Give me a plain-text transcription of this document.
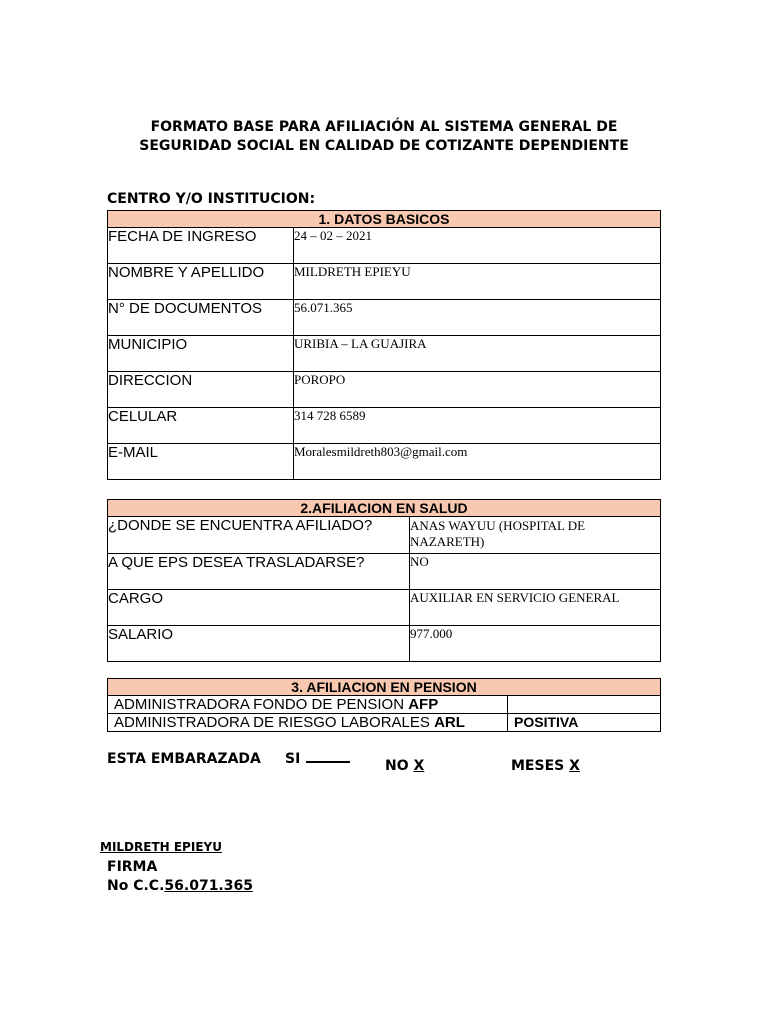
FORMATO BASE PARA AFILIACIÓN AL SISTEMA GENERAL DE
SEGURIDAD SOCIAL EN CALIDAD DE COTIZANTE DEPENDIENTE
CENTRO Y/O INSTITUCION:
1. DATOS BASICOS	
FECHA DE INGRESO	24 – 02 – 2021
NOMBRE Y APELLIDO	MILDRETH EPIEYU
N° DE DOCUMENTOS	56.071.365
MUNICIPIO	URIBIA – LA GUAJIRA
DIRECCION	POROPO
CELULAR	314 728 6589
E-MAIL	Moralesmildreth803@gmail.com
2.AFILIACION EN SALUD	
¿DONDE SE ENCUENTRA AFILIADO?	ANAS WAYUU (HOSPITAL DE NAZARETH)
A QUE EPS DESEA TRASLADARSE?	NO
CARGO	AUXILIAR EN SERVICIO GENERAL
SALARIO	977.000
3. AFILIACION EN PENSION	
ADMINISTRADORA FONDO DE PENSION AFP	
ADMINISTRADORA DE RIESGO LABORALES ARL	POSITIVA
ESTA EMBARAZADA SI	NO X	MESES X
MILDRETH EPIEYU
FIRMA
No C.C.56.071.365
